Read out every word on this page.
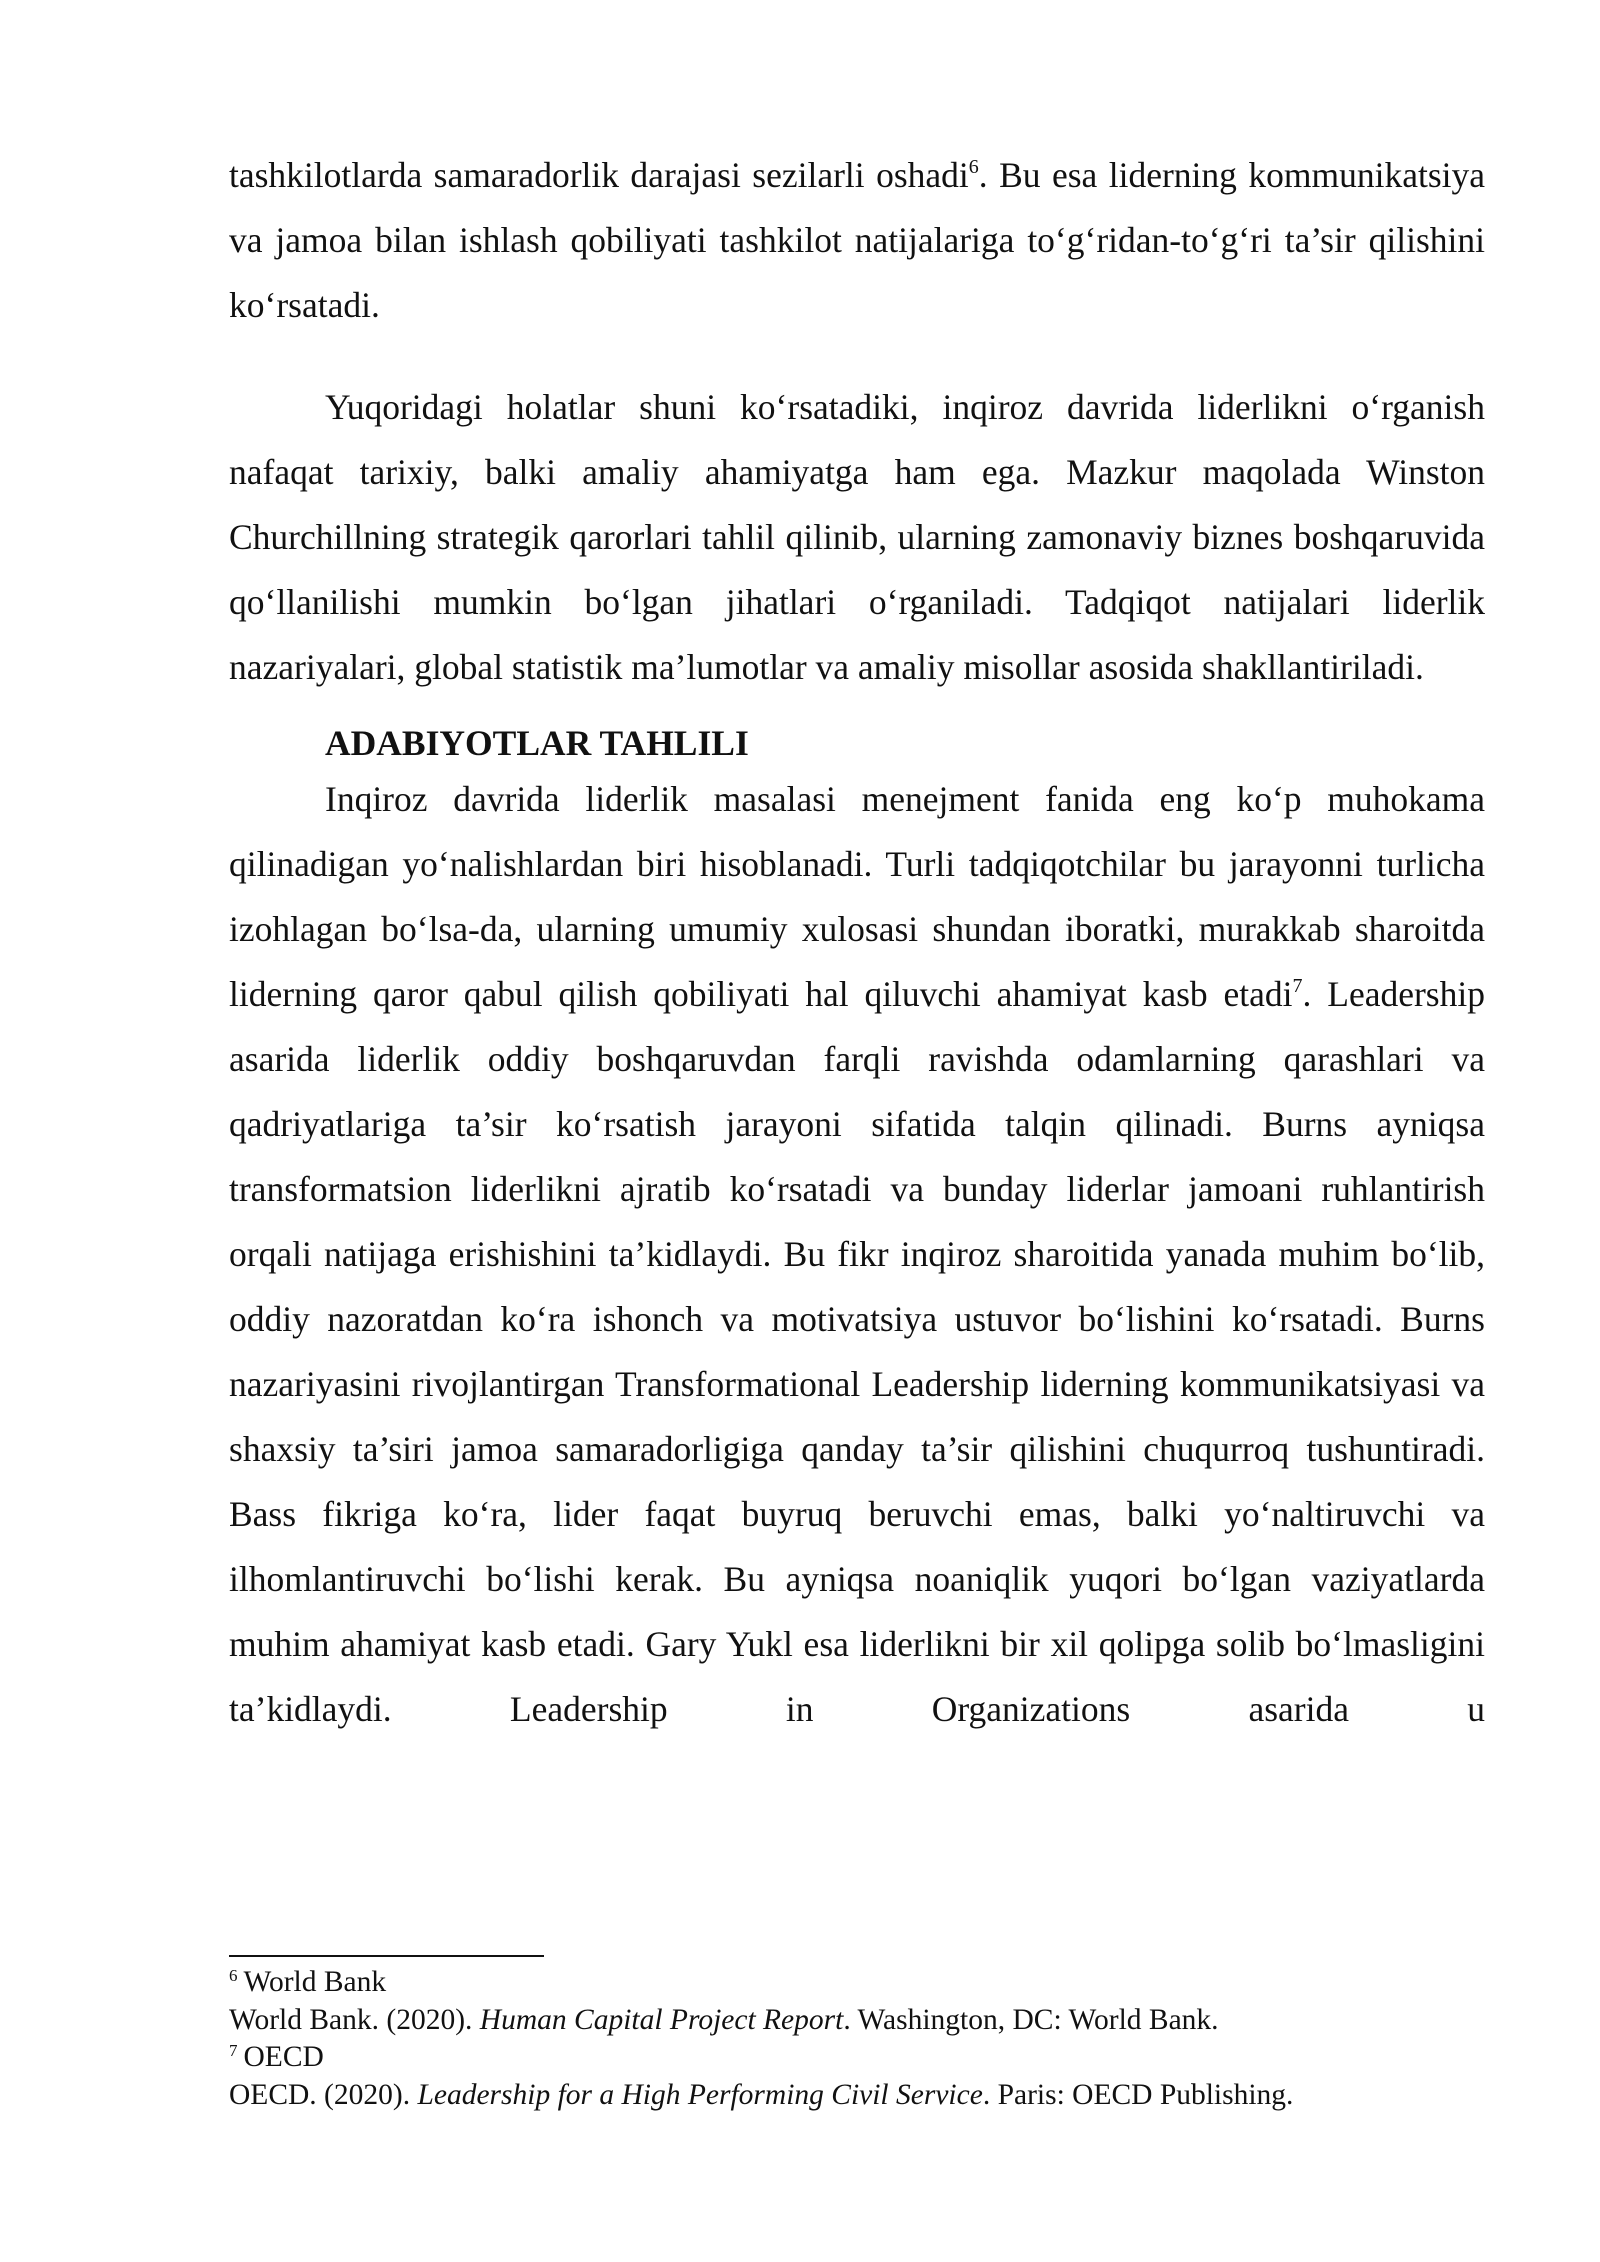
tashkilotlarda samaradorlik darajasi sezilarli oshadi$^6$. Bu esa liderning kommunikatsiya va jamoa bilan ishlash qobiliyati tashkilot natijalariga to‘g‘ridan-to‘g‘ri ta’sir qilishini ko‘rsatadi.

Yuqoridagi holatlar shuni ko‘rsatadiki, inqiroz davrida liderlikni o‘rganish nafaqat tarixiy, balki amaliy ahamiyatga ham ega. Mazkur maqolada Winston Churchillning strategik qarorlari tahlil qilinib, ularning zamonaviy biznes boshqaruvida qo‘llanilishi mumkin bo‘lgan jihatlari o‘rganiladi. Tadqiqot natijalari liderlik nazariyalari, global statistik ma’lumotlar va amaliy misollar asosida shakllantiriladi.

ADABIYOTLAR TAHLILI

Inqiroz davrida liderlik masalasi menejment fanida eng ko‘p muhokama qilinadigan yo‘nalishlardan biri hisoblanadi. Turli tadqiqotchilar bu jarayonni turlicha izohlagan bo‘lsa-da, ularning umumiy xulosasi shundan iboratki, murakkab sharoitda liderning qaror qabul qilish qobiliyati hal qiluvchi ahamiyat kasb etadi$^7$. Leadership asarida liderlik oddiy boshqaruvdan farqli ravishda odamlarning qarashlari va qadriyatlariga ta’sir ko‘rsatish jarayoni sifatida talqin qilinadi. Burns ayniqsa transformatsion liderlikni ajratib ko‘rsatadi va bunday liderlar jamoani ruhlantirish orqali natijaga erishishini ta’kidlaydi. Bu fikr inqiroz sharoitida yanada muhim bo‘lib, oddiy nazoratdan ko‘ra ishonch va motivatsiya ustuvor bo‘lishini ko‘rsatadi. Burns nazariyasini rivojlantirgan Transformational Leadership liderning kommunikatsiyasi va shaxsiy ta’siri jamoa samaradorligiga qanday ta’sir qilishini chuqurroq tushuntiradi. Bass fikriga ko‘ra, lider faqat buyruq beruvchi emas, balki yo‘naltiruvchi va ilhomlantiruvchi bo‘lishi kerak. Bu ayniqsa noaniqlik yuqori bo‘lgan vaziyatlarda muhim ahamiyat kasb etadi. Gary Yukl esa liderlikni bir xil qolipga solib bo‘lmasligini ta’kidlaydi. Leadership in Organizations asarida u

$^6$ World Bank
World Bank. (2020). Human Capital Project Report. Washington, DC: World Bank.
$^7$ OECD
OECD. (2020). Leadership for a High Performing Civil Service. Paris: OECD Publishing.
